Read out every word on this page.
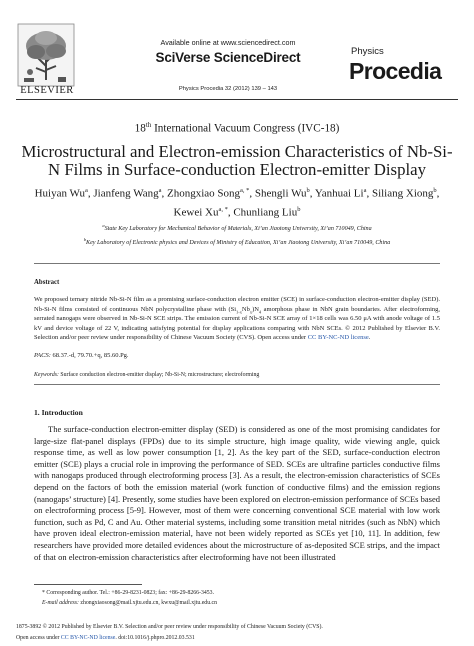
ELSEVIER
Available online at www.sciencedirect.com
SciVerse ScienceDirect
Physics Procedia 32 (2012) 139 – 143
Physics
Procedia
18th International Vacuum Congress (IVC-18)
Microstructural and Electron-emission Characteristics of Nb-Si-N Films in Surface-conduction Electron-emitter Display
Huiyan Wu$^a$, Jianfeng Wang$^a$, Zhongxiao Song$^{a, *}$, Shengli Wu$^b$, Yanhuai Li$^a$, Siliang Xiong$^b$, Kewei $Xu^{a, *}$, Chunliang Liu$^b$
$^a$State Key Laboratory for Mechanical Behavior of Materials, Xi’an Jiaotong University, Xi’an 710049, China
$^b$Key Laboratory of Electronic physics and Devices of Ministry of Education, Xi’an Jiaotong University, Xi’an 710049, China
Abstract
We proposed ternary nitride Nb-Si-N film as a promising surface-conduction electron emitter (SCE) in surface-conduction electron-emitter display (SED). Nb-Si-N films consisted of continuous NbN polycrystalline phase with $(Si_{1-x}Nb_x)N_4$ amorphous phase in NbN grain boundaries. After electroforming, serrated nanogaps were observed in Nb-Si-N SCE strips. The emission current of Nb-Si-N SCE array of 1×18 cells was 6.50 μA with anode voltage of 1.5 kV and device voltage of 22 V, indicating satisfying potential for display applications comparing with NbN SCEs. © 2012 Published by Elsevier B.V. Selection and/or peer review under responsibility of Chinese Vacuum Society (CVS). Open access under CC BY-NC-ND license.
PACS: 68.37.-d, 79.70.+q, 85.60.Pg.
Keywords: Surface conduction electron-emitter display; Nb-Si-N; microstructure; electroforming
1. Introduction
The surface-conduction electron-emitter display (SED) is considered as one of the most promising candidates for large-size flat-panel displays (FPDs) due to its simple structure, high image quality, wide viewing angle, quick response time, as well as low power consumption [1, 2]. As the key part of the SED, surface-conduction electron emitter (SCE) plays a crucial role in improving the performance of SED. SCEs are ultrafine particles conductive films with nanogaps produced through electroforming process [3]. As a result, the electron-emission characteristics of SCEs depend on the factors of both the emission material (work function of conductive films) and the emission regions (nanogaps’ structure) [4]. Presently, some studies have been explored on electron-emission performance of SCEs based on electroforming process [5-9]. However, most of them were concerning conventional SCE material with low work function, such as Pd, C and Au. Other material systems, including some transition metal nitrides (such as NbN) which have proven ideal electron-emission material, have not been widely reported as SCEs yet [10, 11]. In addition, few researchers have provided more detailed evidences about the microstructure of as-deposited SCE strips, and the impact of that on electron-emission characteristics after electroforming have not been illustrated
* Corresponding author. Tel.: +86-29-8231-0823; fax: +86-29-8266-3453.
E-mail address: zhongxiaosong@mail.xjtu.edu.cn, kwxu@mail.xjtu.edu.cn
1875-3892 © 2012 Published by Elsevier B.V. Selection and/or peer review under responsibility of Chinese Vacuum Society (CVS).
Open access under CC BY-NC-ND license. doi:10.1016/j.phpro.2012.03.531
